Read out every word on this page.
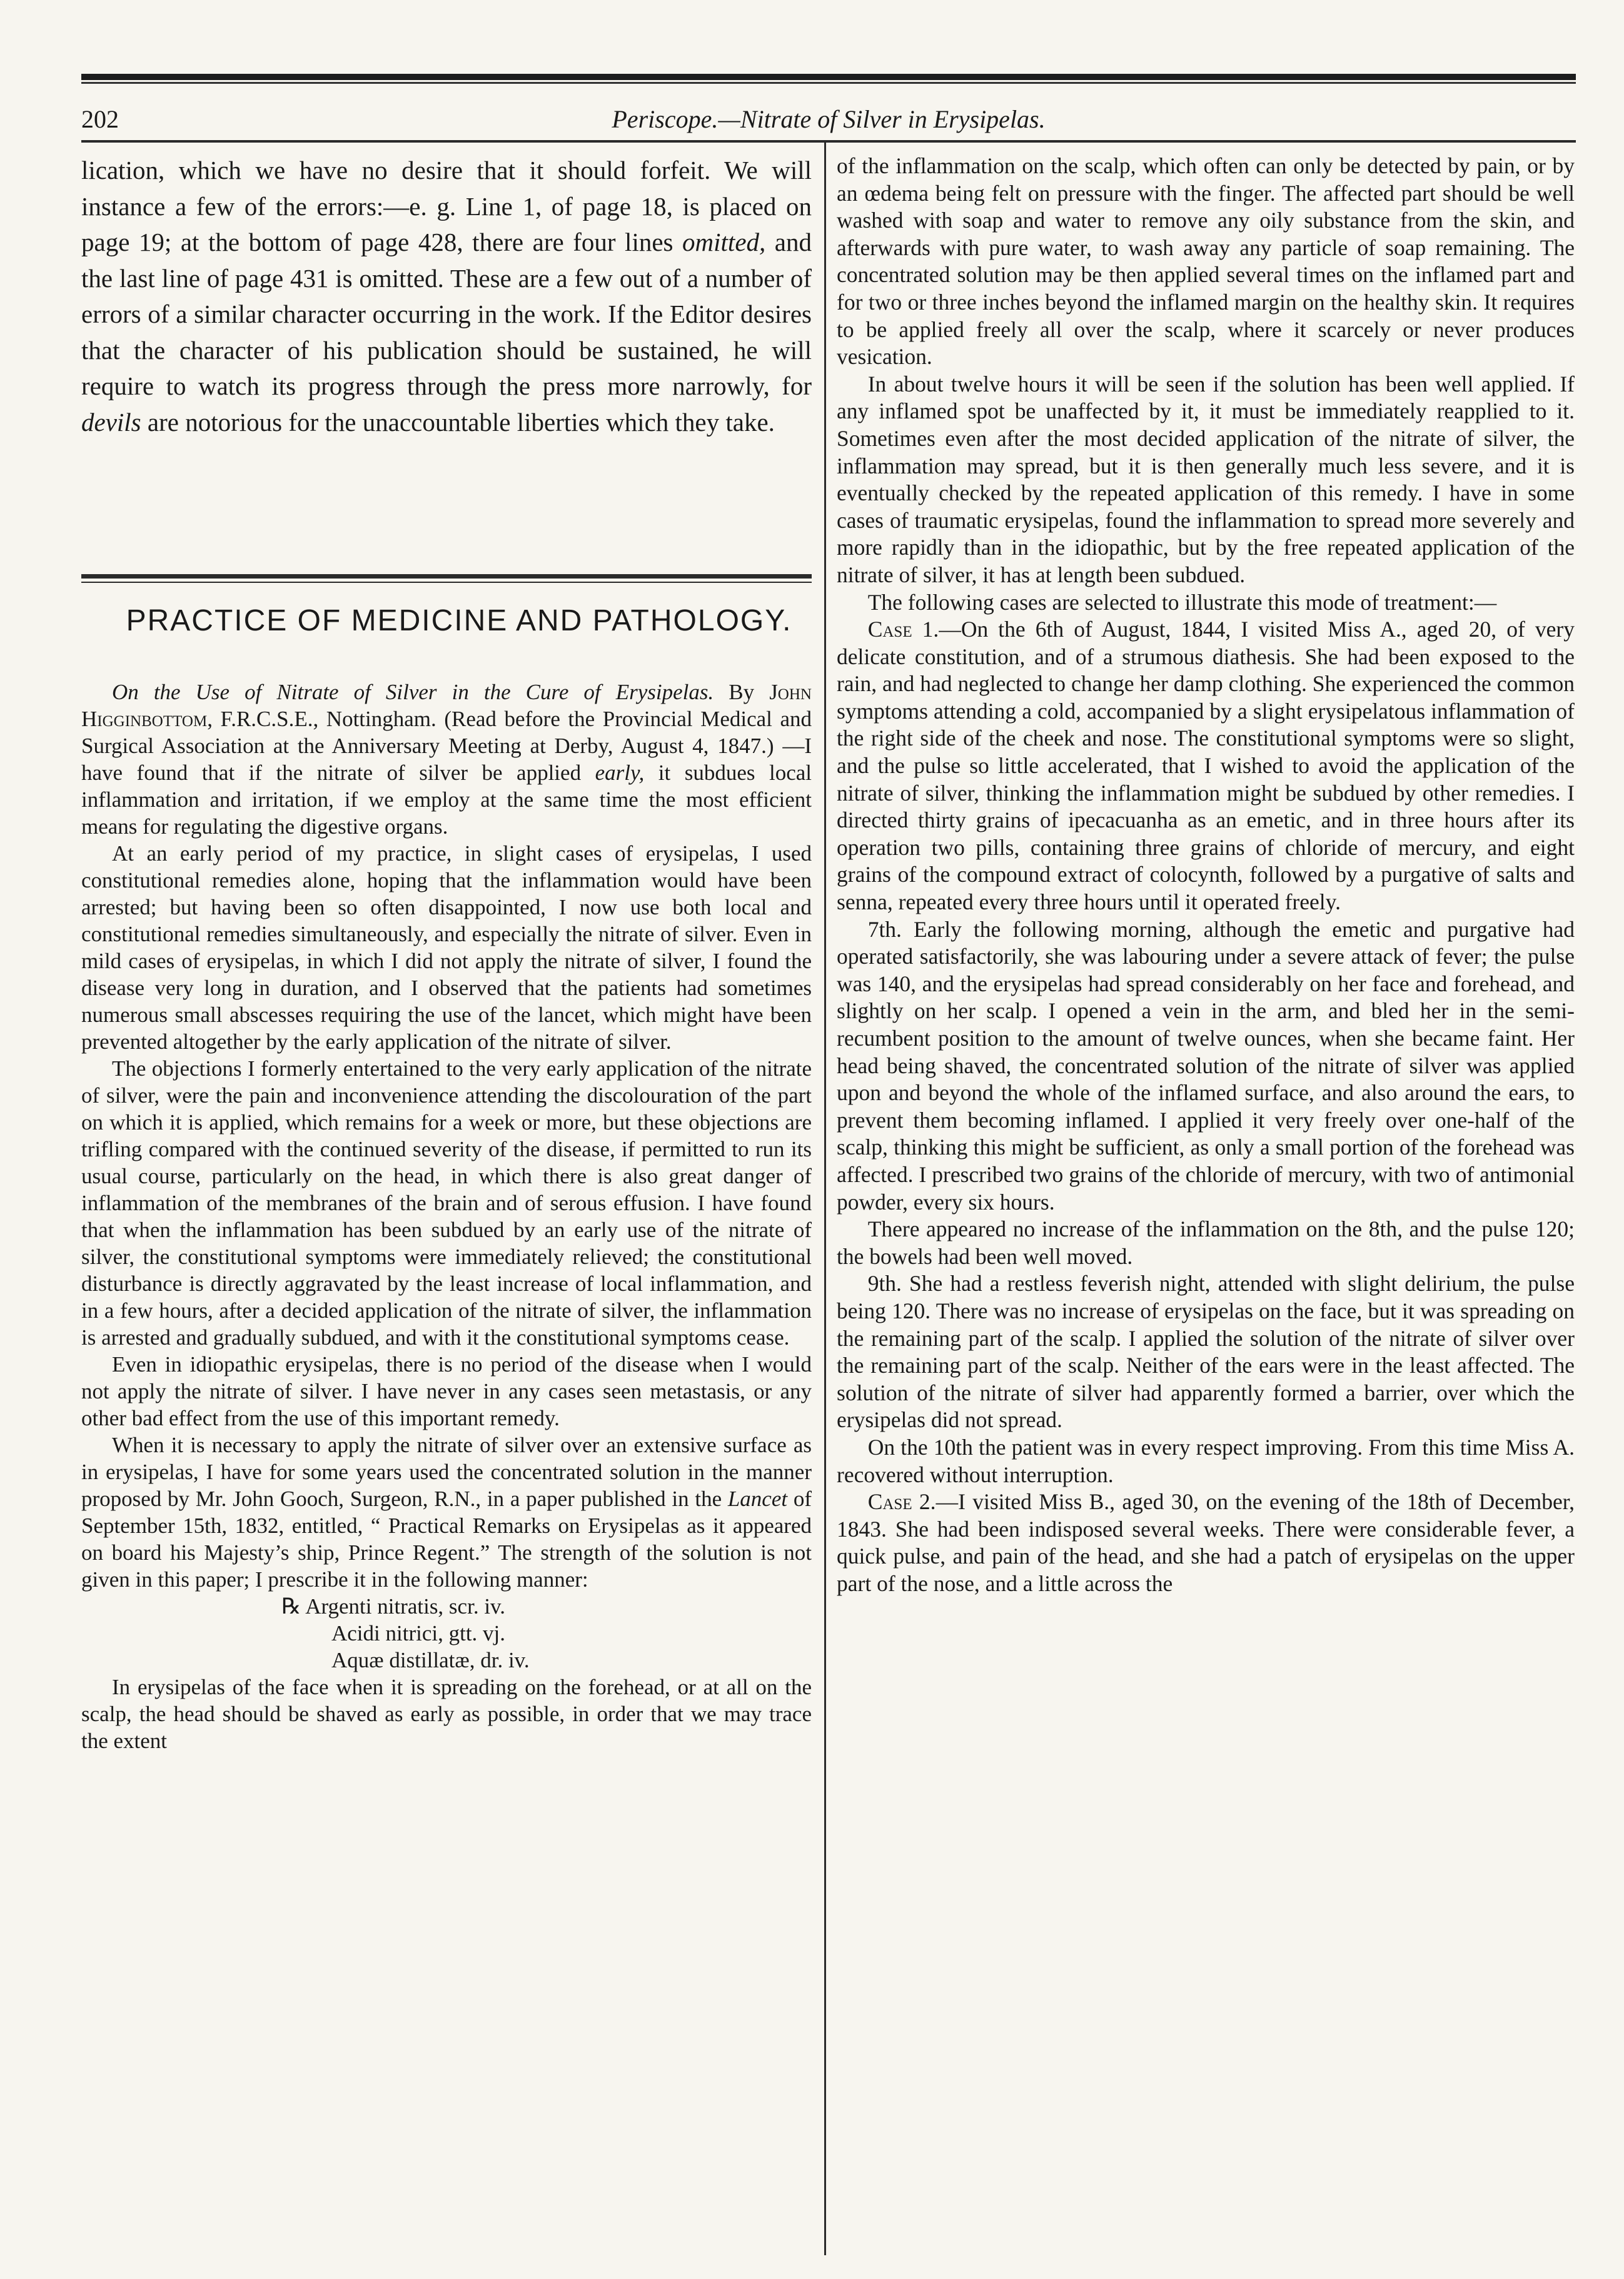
202	Periscope.—Nitrate of Silver in Erysipelas.

lication, which we have no desire that it should forfeit. We will instance a few of the errors:—e. g. Line 1, of page 18, is placed on page 19; at the bottom of page 428, there are four lines omitted, and the last line of page 431 is omitted. These are a few out of a number of errors of a similar character occurring in the work. If the Editor desires that the character of his publication should be sustained, he will require to watch its progress through the press more narrowly, for devils are notorious for the unaccountable liberties which they take.

PRACTICE OF MEDICINE AND PATHOLOGY.

On the Use of Nitrate of Silver in the Cure of Erysipelas. By John Higginbottom, F.R.C.S.E., Nottingham. (Read before the Provincial Medical and Surgical Association at the Anniversary Meeting at Derby, August 4, 1847.) —I have found that if the nitrate of silver be applied early, it subdues local inflammation and irritation, if we employ at the same time the most efficient means for regulating the digestive organs.

At an early period of my practice, in slight cases of erysipelas, I used constitutional remedies alone, hoping that the inflammation would have been arrested; but having been so often disappointed, I now use both local and constitutional remedies simultaneously, and especially the nitrate of silver. Even in mild cases of erysipelas, in which I did not apply the nitrate of silver, I found the disease very long in duration, and I observed that the patients had sometimes numerous small abscesses requiring the use of the lancet, which might have been prevented altogether by the early application of the nitrate of silver.

The objections I formerly entertained to the very early application of the nitrate of silver, were the pain and inconvenience attending the discolouration of the part on which it is applied, which remains for a week or more, but these objections are trifling compared with the continued severity of the disease, if permitted to run its usual course, particularly on the head, in which there is also great danger of inflammation of the membranes of the brain and of serous effusion. I have found that when the inflammation has been subdued by an early use of the nitrate of silver, the constitutional symptoms were immediately relieved; the constitutional disturbance is directly aggravated by the least increase of local inflammation, and in a few hours, after a decided application of the nitrate of silver, the inflammation is arrested and gradually subdued, and with it the constitutional symptoms cease.

Even in idiopathic erysipelas, there is no period of the disease when I would not apply the nitrate of silver. I have never in any cases seen metastasis, or any other bad effect from the use of this important remedy.

When it is necessary to apply the nitrate of silver over an extensive surface as in erysipelas, I have for some years used the concentrated solution in the manner proposed by Mr. John Gooch, Surgeon, R.N., in a paper published in the Lancet of September 15th, 1832, entitled, “ Practical Remarks on Erysipelas as it appeared on board his Majesty’s ship, Prince Regent.” The strength of the solution is not given in this paper; I prescribe it in the following manner:

℞ Argenti nitratis, scr. iv.

Acidi nitrici, gtt. vj.

Aquæ distillatæ, dr. iv.

In erysipelas of the face when it is spreading on the forehead, or at all on the scalp, the head should be shaved as early as possible, in order that we may trace the extent

of the inflammation on the scalp, which often can only be detected by pain, or by an œdema being felt on pressure with the finger. The affected part should be well washed with soap and water to remove any oily substance from the skin, and afterwards with pure water, to wash away any particle of soap remaining. The concentrated solution may be then applied several times on the inflamed part and for two or three inches beyond the inflamed margin on the healthy skin. It requires to be applied freely all over the scalp, where it scarcely or never produces vesication.

In about twelve hours it will be seen if the solution has been well applied. If any inflamed spot be unaffected by it, it must be immediately reapplied to it. Sometimes even after the most decided application of the nitrate of silver, the inflammation may spread, but it is then generally much less severe, and it is eventually checked by the repeated application of this remedy. I have in some cases of traumatic erysipelas, found the inflammation to spread more severely and more rapidly than in the idiopathic, but by the free repeated application of the nitrate of silver, it has at length been subdued.

The following cases are selected to illustrate this mode of treatment:—

Case 1.—On the 6th of August, 1844, I visited Miss A., aged 20, of very delicate constitution, and of a strumous diathesis. She had been exposed to the rain, and had neglected to change her damp clothing. She experienced the common symptoms attending a cold, accompanied by a slight erysipelatous inflammation of the right side of the cheek and nose. The constitutional symptoms were so slight, and the pulse so little accelerated, that I wished to avoid the application of the nitrate of silver, thinking the inflammation might be subdued by other remedies. I directed thirty grains of ipecacuanha as an emetic, and in three hours after its operation two pills, containing three grains of chloride of mercury, and eight grains of the compound extract of colocynth, followed by a purgative of salts and senna, repeated every three hours until it operated freely.

7th. Early the following morning, although the emetic and purgative had operated satisfactorily, she was labouring under a severe attack of fever; the pulse was 140, and the erysipelas had spread considerably on her face and forehead, and slightly on her scalp. I opened a vein in the arm, and bled her in the semi-recumbent position to the amount of twelve ounces, when she became faint. Her head being shaved, the concentrated solution of the nitrate of silver was applied upon and beyond the whole of the inflamed surface, and also around the ears, to prevent them becoming inflamed. I applied it very freely over one-half of the scalp, thinking this might be sufficient, as only a small portion of the forehead was affected. I prescribed two grains of the chloride of mercury, with two of antimonial powder, every six hours.

There appeared no increase of the inflammation on the 8th, and the pulse 120; the bowels had been well moved.

9th. She had a restless feverish night, attended with slight delirium, the pulse being 120. There was no increase of erysipelas on the face, but it was spreading on the remaining part of the scalp. I applied the solution of the nitrate of silver over the remaining part of the scalp. Neither of the ears were in the least affected. The solution of the nitrate of silver had apparently formed a barrier, over which the erysipelas did not spread.

On the 10th the patient was in every respect improving. From this time Miss A. recovered without interruption.

Case 2.—I visited Miss B., aged 30, on the evening of the 18th of December, 1843. She had been indisposed several weeks. There were considerable fever, a quick pulse, and pain of the head, and she had a patch of erysipelas on the upper part of the nose, and a little across the
